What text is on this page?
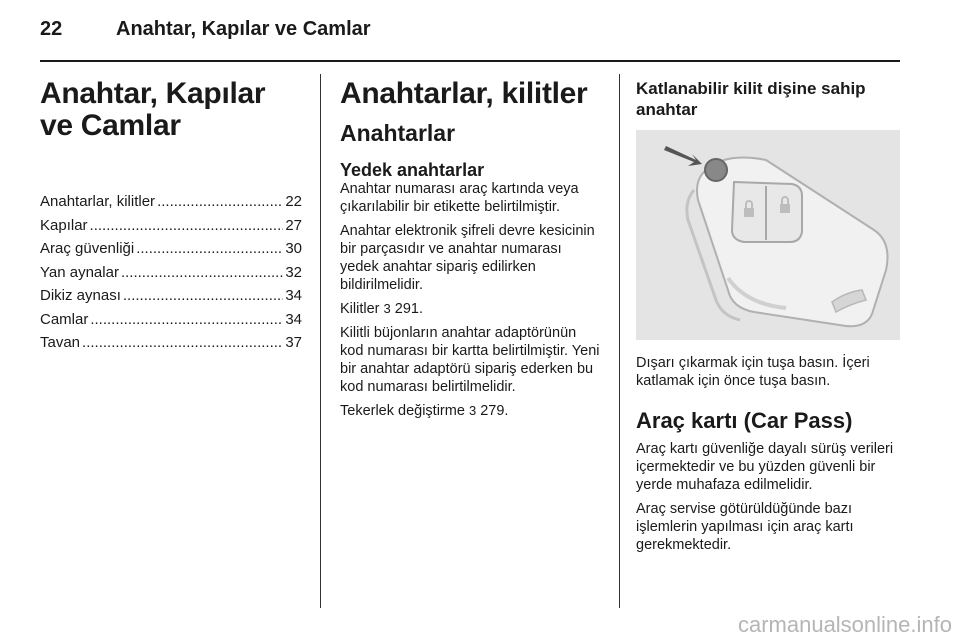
22	Anahtar, Kapılar ve Camlar
Anahtar, Kapılar ve Camlar
Anahtarlar, kilitler .....	22
Kapılar .....	27
Araç güvenliği .....	30
Yan aynalar .....	32
Dikiz aynası .....	34
Camlar .....	34
Tavan .....	37
Anahtarlar, kilitler
Anahtarlar
Yedek anahtarlar

Anahtar numarası araç kartında veya çıkarılabilir bir etikette belirtilmiştir.

Anahtar elektronik şifreli devre kesicinin bir parçasıdır ve anahtar numarası yedek anahtar sipariş edilirken bildirilmelidir.

Kilitler 3 291.

Kilitli büjonların anahtar adaptörünün kod numarası bir kartta belirtilmiştir. Yeni bir anahtar adaptörü sipariş ederken bu kod numarası belirtilmelidir.

Tekerlek değiştirme 3 279.

Katlanabilir kilit dişine sahip anahtar

Dışarı çıkarmak için tuşa basın. İçeri katlamak için önce tuşa basın.

Araç kartı (Car Pass)

Araç kartı güvenliğe dayalı sürüş verileri içermektedir ve bu yüzden güvenli bir yerde muhafaza edilmelidir.

Araç servise götürüldüğünde bazı işlemlerin yapılması için araç kartı gerekmektedir.

carmanualsonline.info
